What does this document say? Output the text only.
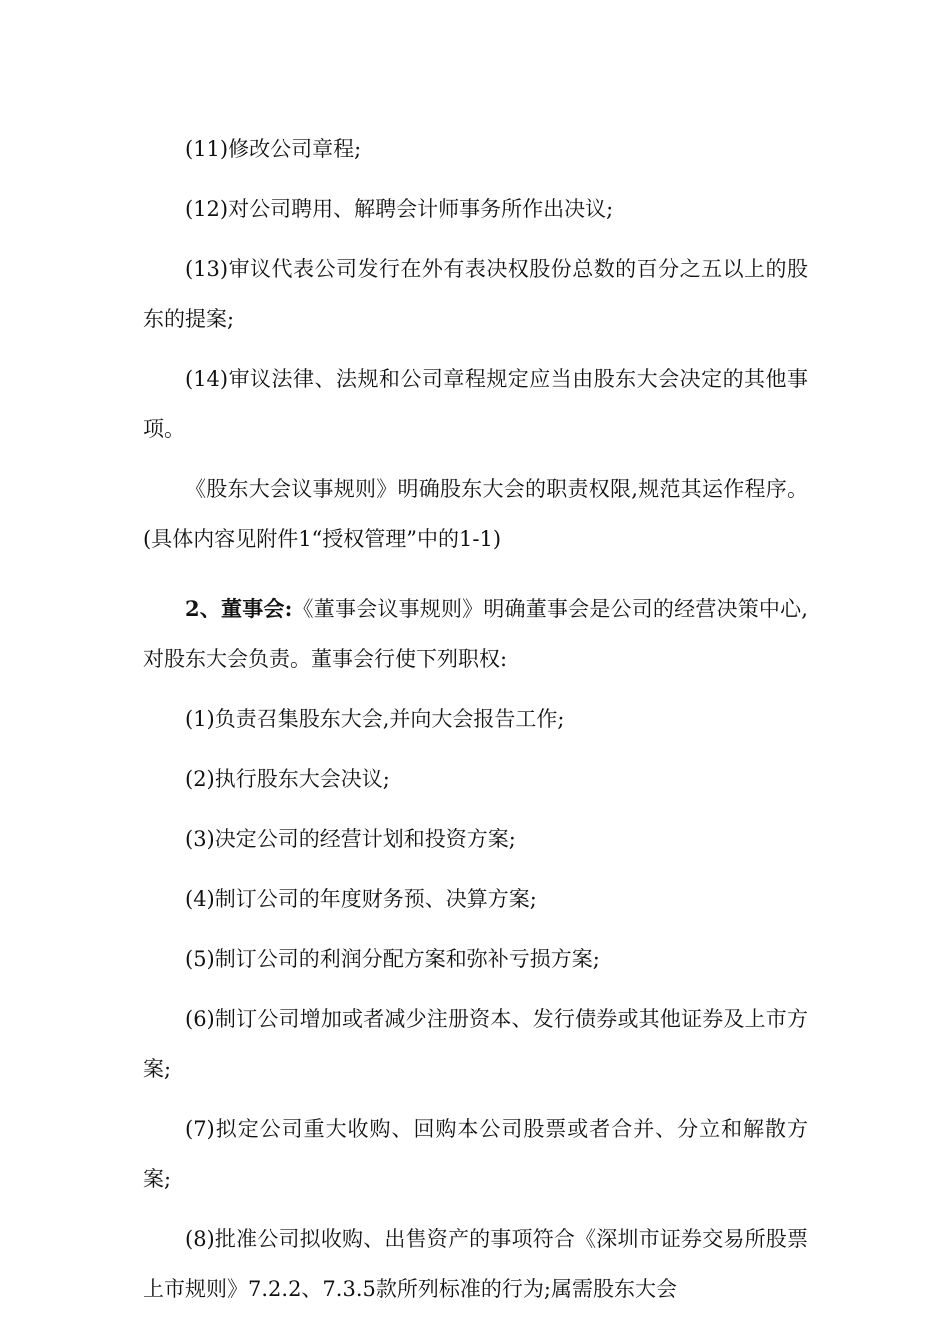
(11)修改公司章程;

(12)对公司聘用、解聘会计师事务所作出决议;

(13)审议代表公司发行在外有表决权股份总数的百分之五以上的股东的提案;

(14)审议法律、法规和公司章程规定应当由股东大会决定的其他事项。

《股东大会议事规则》明确股东大会的职责权限,规范其运作程序。(具体内容见附件1“授权管理”中的1-1)

2、董事会:《董事会议事规则》明确董事会是公司的经营决策中心,对股东大会负责。董事会行使下列职权:

(1)负责召集股东大会,并向大会报告工作;

(2)执行股东大会决议;

(3)决定公司的经营计划和投资方案;

(4)制订公司的年度财务预、决算方案;

(5)制订公司的利润分配方案和弥补亏损方案;

(6)制订公司增加或者减少注册资本、发行债券或其他证券及上市方案;

(7)拟定公司重大收购、回购本公司股票或者合并、分立和解散方案;

(8)批准公司拟收购、出售资产的事项符合《深圳市证券交易所股票上市规则》7.2.2、7.3.5款所列标准的行为;属需股东大会
